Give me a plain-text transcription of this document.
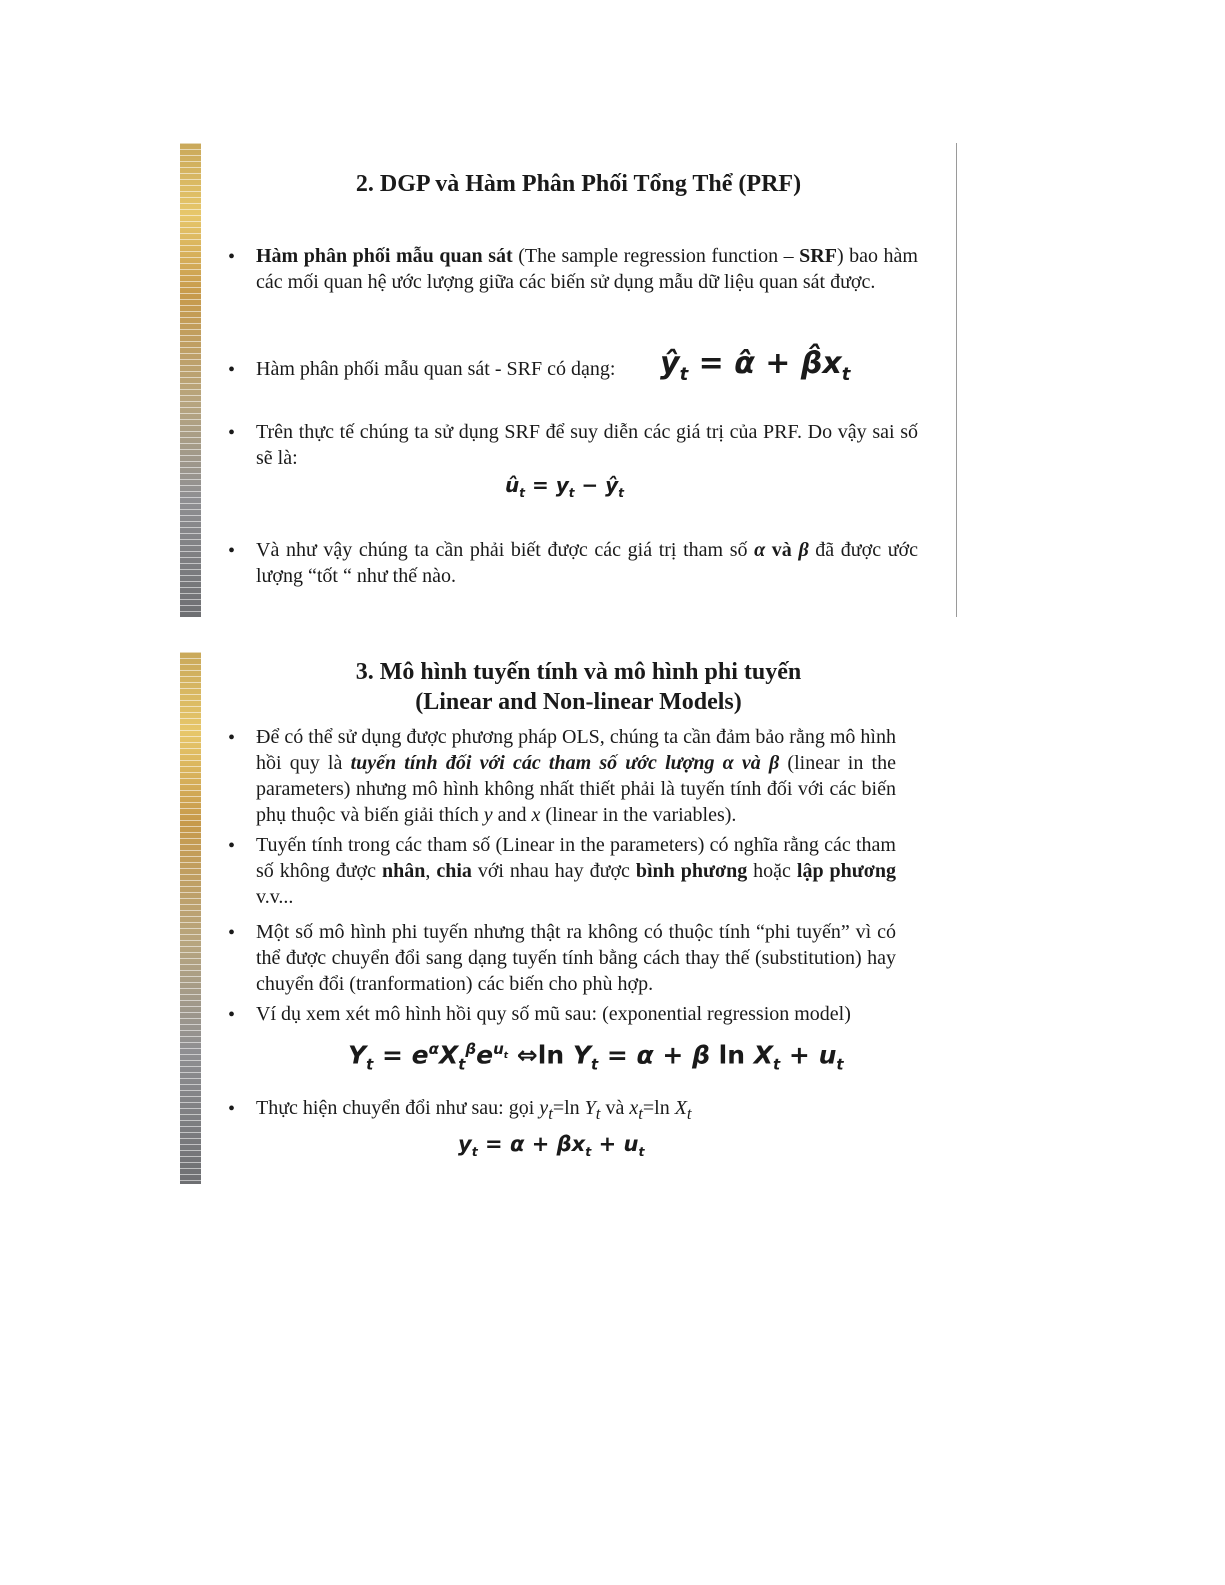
2. DGP và Hàm Phân Phối Tổng Thể (PRF)
• Hàm phân phối mẫu quan sát (The sample regression function – SRF) bao hàm các mối quan hệ ước lượng giữa các biến sử dụng mẫu dữ liệu quan sát được.
• Hàm phân phối mẫu quan sát - SRF có dạng:	$ŷ_t$ = α̂ + $\betâx_t$
• Trên thực tế chúng ta sử dụng SRF để suy diễn các giá trị của PRF. Do vậy sai số sẽ là:
$û_t = y_t$ − $ŷ_t$
• Và như vậy chúng ta cần phải biết được các giá trị tham số α và β đã được ước lượng “tốt “ như thế nào.
3. Mô hình tuyến tính và mô hình phi tuyến
(Linear and Non-linear Models)
• Để có thể sử dụng được phương pháp OLS, chúng ta cần đảm bảo rằng mô hình hồi quy là tuyến tính đối với các tham số ước lượng α và β (linear in the parameters) nhưng mô hình không nhất thiết phải là tuyến tính đối với các biến phụ thuộc và biến giải thích y and x (linear in the variables).
• Tuyến tính trong các tham số (Linear in the parameters) có nghĩa rằng các tham số không được nhân, chia với nhau hay được bình phương hoặc lập phương v.v...
• Một số mô hình phi tuyến nhưng thật ra không có thuộc tính “phi tuyến” vì có thể được chuyển đổi sang dạng tuyến tính bằng cách thay thế (substitution) hay chuyển đổi (tranformation) các biến cho phù hợp.
• Ví dụ xem xét mô hình hồi quy số mũ sau: (exponential regression model)
$Y_t = e^\alpha X_t^\beta e^{u_t}$ ⇔ln $Y_t = \alpha + \beta$ $\ln X_t + u_t$
• Thực hiện chuyển đổi như sau: gọi $y_t=\ln$ $Y_t$ và $x_t=\ln$ $X_t$
$y_t = \alpha + \beta x_t + u_t$
